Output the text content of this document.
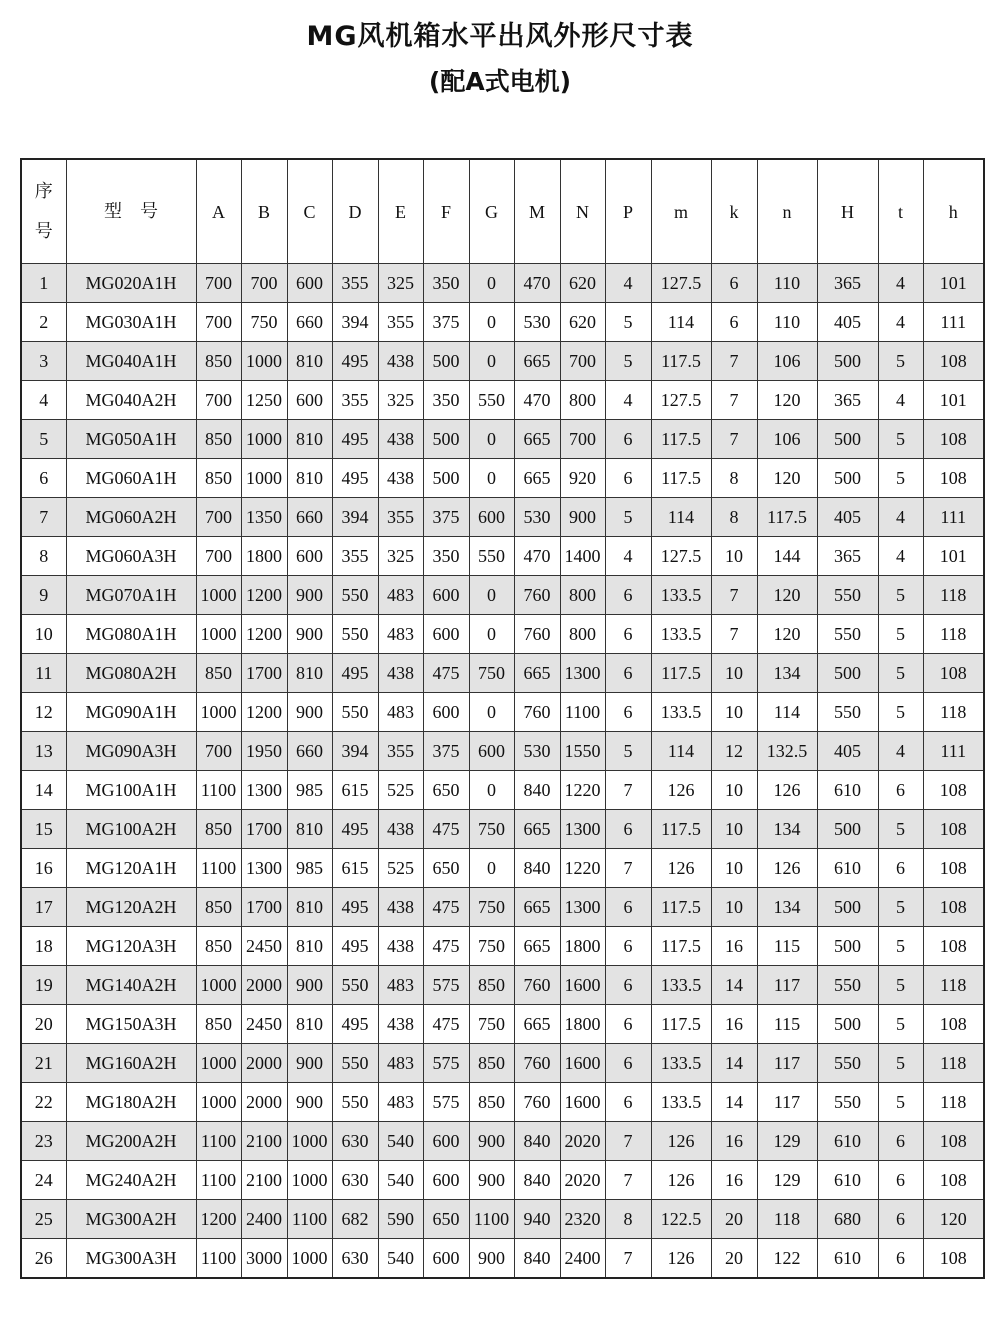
MG风机箱水平出风外形尺寸表
(配A式电机)
序号	型　号	A	B	C	D	E	F	G	M	N	P	m	k	n	H	t	h
1	MG020A1H	700	700	600	355	325	350	0	470	620	4	127.5	6	110	365	4	101
2	MG030A1H	700	750	660	394	355	375	0	530	620	5	114	6	110	405	4	111
3	MG040A1H	850	1000	810	495	438	500	0	665	700	5	117.5	7	106	500	5	108
4	MG040A2H	700	1250	600	355	325	350	550	470	800	4	127.5	7	120	365	4	101
5	MG050A1H	850	1000	810	495	438	500	0	665	700	6	117.5	7	106	500	5	108
6	MG060A1H	850	1000	810	495	438	500	0	665	920	6	117.5	8	120	500	5	108
7	MG060A2H	700	1350	660	394	355	375	600	530	900	5	114	8	117.5	405	4	111
8	MG060A3H	700	1800	600	355	325	350	550	470	1400	4	127.5	10	144	365	4	101
9	MG070A1H	1000	1200	900	550	483	600	0	760	800	6	133.5	7	120	550	5	118
10	MG080A1H	1000	1200	900	550	483	600	0	760	800	6	133.5	7	120	550	5	118
11	MG080A2H	850	1700	810	495	438	475	750	665	1300	6	117.5	10	134	500	5	108
12	MG090A1H	1000	1200	900	550	483	600	0	760	1100	6	133.5	10	114	550	5	118
13	MG090A3H	700	1950	660	394	355	375	600	530	1550	5	114	12	132.5	405	4	111
14	MG100A1H	1100	1300	985	615	525	650	0	840	1220	7	126	10	126	610	6	108
15	MG100A2H	850	1700	810	495	438	475	750	665	1300	6	117.5	10	134	500	5	108
16	MG120A1H	1100	1300	985	615	525	650	0	840	1220	7	126	10	126	610	6	108
17	MG120A2H	850	1700	810	495	438	475	750	665	1300	6	117.5	10	134	500	5	108
18	MG120A3H	850	2450	810	495	438	475	750	665	1800	6	117.5	16	115	500	5	108
19	MG140A2H	1000	2000	900	550	483	575	850	760	1600	6	133.5	14	117	550	5	118
20	MG150A3H	850	2450	810	495	438	475	750	665	1800	6	117.5	16	115	500	5	108
21	MG160A2H	1000	2000	900	550	483	575	850	760	1600	6	133.5	14	117	550	5	118
22	MG180A2H	1000	2000	900	550	483	575	850	760	1600	6	133.5	14	117	550	5	118
23	MG200A2H	1100	2100	1000	630	540	600	900	840	2020	7	126	16	129	610	6	108
24	MG240A2H	1100	2100	1000	630	540	600	900	840	2020	7	126	16	129	610	6	108
25	MG300A2H	1200	2400	1100	682	590	650	1100	940	2320	8	122.5	20	118	680	6	120
26	MG300A3H	1100	3000	1000	630	540	600	900	840	2400	7	126	20	122	610	6	108
